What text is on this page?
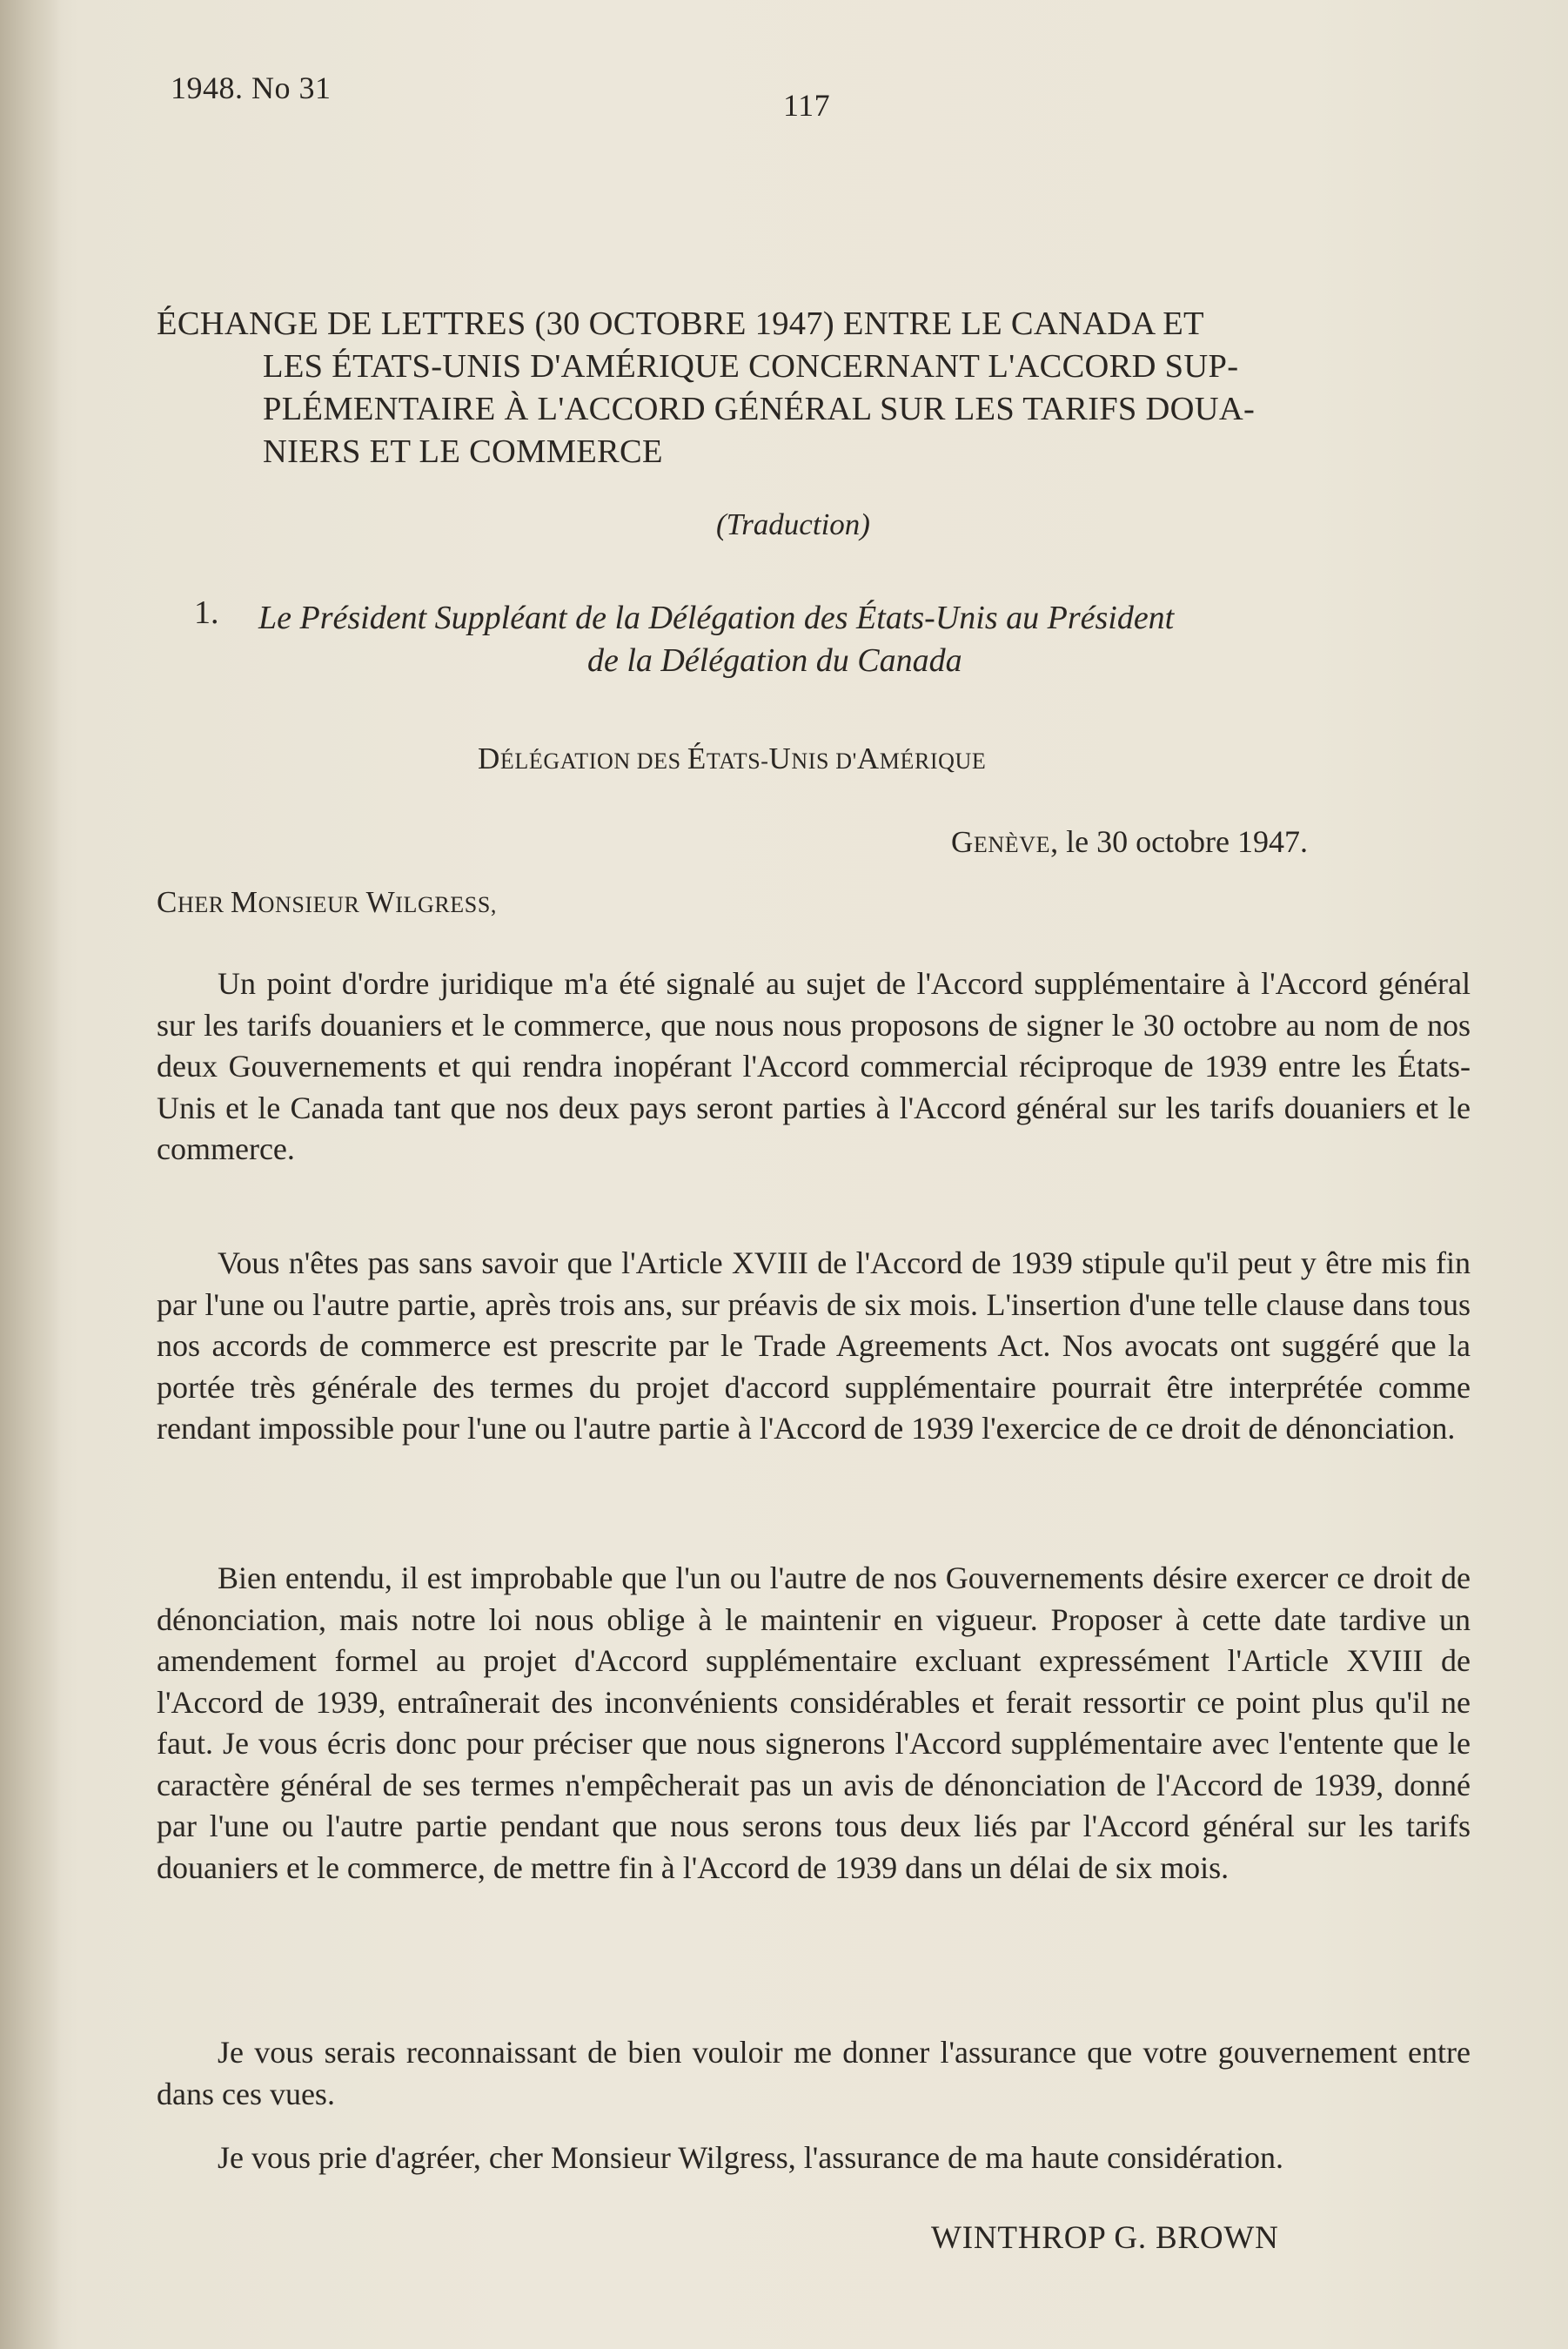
1948. No 31	117
ÉCHANGE DE LETTRES (30 OCTOBRE 1947) ENTRE LE CANADA ET
LES ÉTATS-UNIS D'AMÉRIQUE CONCERNANT L'ACCORD SUP-
PLÉMENTAIRE À L'ACCORD GÉNÉRAL SUR LES TARIFS DOUA-
NIERS ET LE COMMERCE
(Traduction)
1. Le Président Suppléant de la Délégation des États-Unis au Président
de la Délégation du Canada
DÉLÉGATION DES ÉTATS-UNIS D'AMÉRIQUE
GENÈVE, le 30 octobre 1947.
CHER MONSIEUR WILGRESS,

Un point d'ordre juridique m'a été signalé au sujet de l'Accord supplémentaire à l'Accord général sur les tarifs douaniers et le commerce, que nous nous proposons de signer le 30 octobre au nom de nos deux Gouvernements et qui rendra inopérant l'Accord commercial réciproque de 1939 entre les États-Unis et le Canada tant que nos deux pays seront parties à l'Accord général sur les tarifs douaniers et le commerce.

Vous n'êtes pas sans savoir que l'Article XVIII de l'Accord de 1939 stipule qu'il peut y être mis fin par l'une ou l'autre partie, après trois ans, sur préavis de six mois. L'insertion d'une telle clause dans tous nos accords de commerce est prescrite par le Trade Agreements Act. Nos avocats ont suggéré que la portée très générale des termes du projet d'accord supplémentaire pourrait être interprétée comme rendant impossible pour l'une ou l'autre partie à l'Accord de 1939 l'exercice de ce droit de dénonciation.

Bien entendu, il est improbable que l'un ou l'autre de nos Gouvernements désire exercer ce droit de dénonciation, mais notre loi nous oblige à le maintenir en vigueur. Proposer à cette date tardive un amendement formel au projet d'Accord supplémentaire excluant expressément l'Article XVIII de l'Accord de 1939, entraînerait des inconvénients considérables et ferait ressortir ce point plus qu'il ne faut. Je vous écris donc pour préciser que nous signerons l'Accord supplémentaire avec l'entente que le caractère général de ses termes n'empêcherait pas un avis de dénonciation de l'Accord de 1939, donné par l'une ou l'autre partie pendant que nous serons tous deux liés par l'Accord général sur les tarifs douaniers et le commerce, de mettre fin à l'Accord de 1939 dans un délai de six mois.

Je vous serais reconnaissant de bien vouloir me donner l'assurance que votre gouvernement entre dans ces vues.

Je vous prie d'agréer, cher Monsieur Wilgress, l'assurance de ma haute considération.

WINTHROP G. BROWN
